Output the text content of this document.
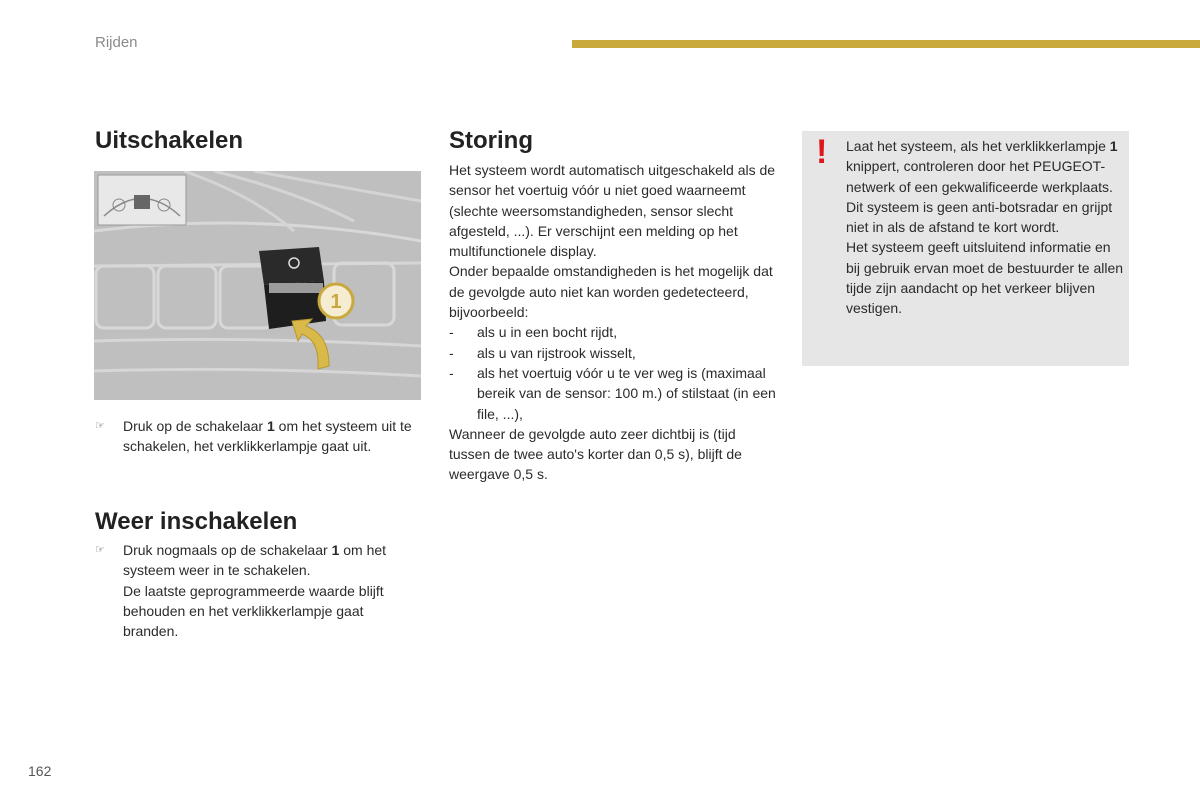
Rijden
Uitschakelen	Storing
Weer inschakelen
1
☞ Druk op de schakelaar 1 om het systeem uit te schakelen, het verklikkerlampje gaat uit.
☞ Druk nogmaals op de schakelaar 1 om het systeem weer in te schakelen.
De laatste geprogrammeerde waarde blijft behouden en het verklikkerlampje gaat branden.

Het systeem wordt automatisch uitgeschakeld als de sensor het voertuig vóór u niet goed waarneemt (slechte weersomstandigheden, sensor slecht afgesteld, ...). Er verschijnt een melding op het multifunctionele display.

Onder bepaalde omstandigheden is het mogelijk dat de gevolgde auto niet kan worden gedetecteerd, bijvoorbeeld:

- als u in een bocht rijdt,
- als u van rijstrook wisselt,
- als het voertuig vóór u te ver weg is (maximaal bereik van de sensor: 100 m.) of stilstaat (in een file, ...),

Wanneer de gevolgde auto zeer dichtbij is (tijd tussen de twee auto's korter dan 0,5 s), blijft de weergave 0,5 s.

! Laat het systeem, als het verklikkerlampje 1 knippert, controleren door het PEUGEOT-netwerk of een gekwalificeerde werkplaats.
Dit systeem is geen anti-botsradar en grijpt niet in als de afstand te kort wordt.
Het systeem geeft uitsluitend informatie en bij gebruik ervan moet de bestuurder te allen tijde zijn aandacht op het verkeer blijven vestigen.
162
